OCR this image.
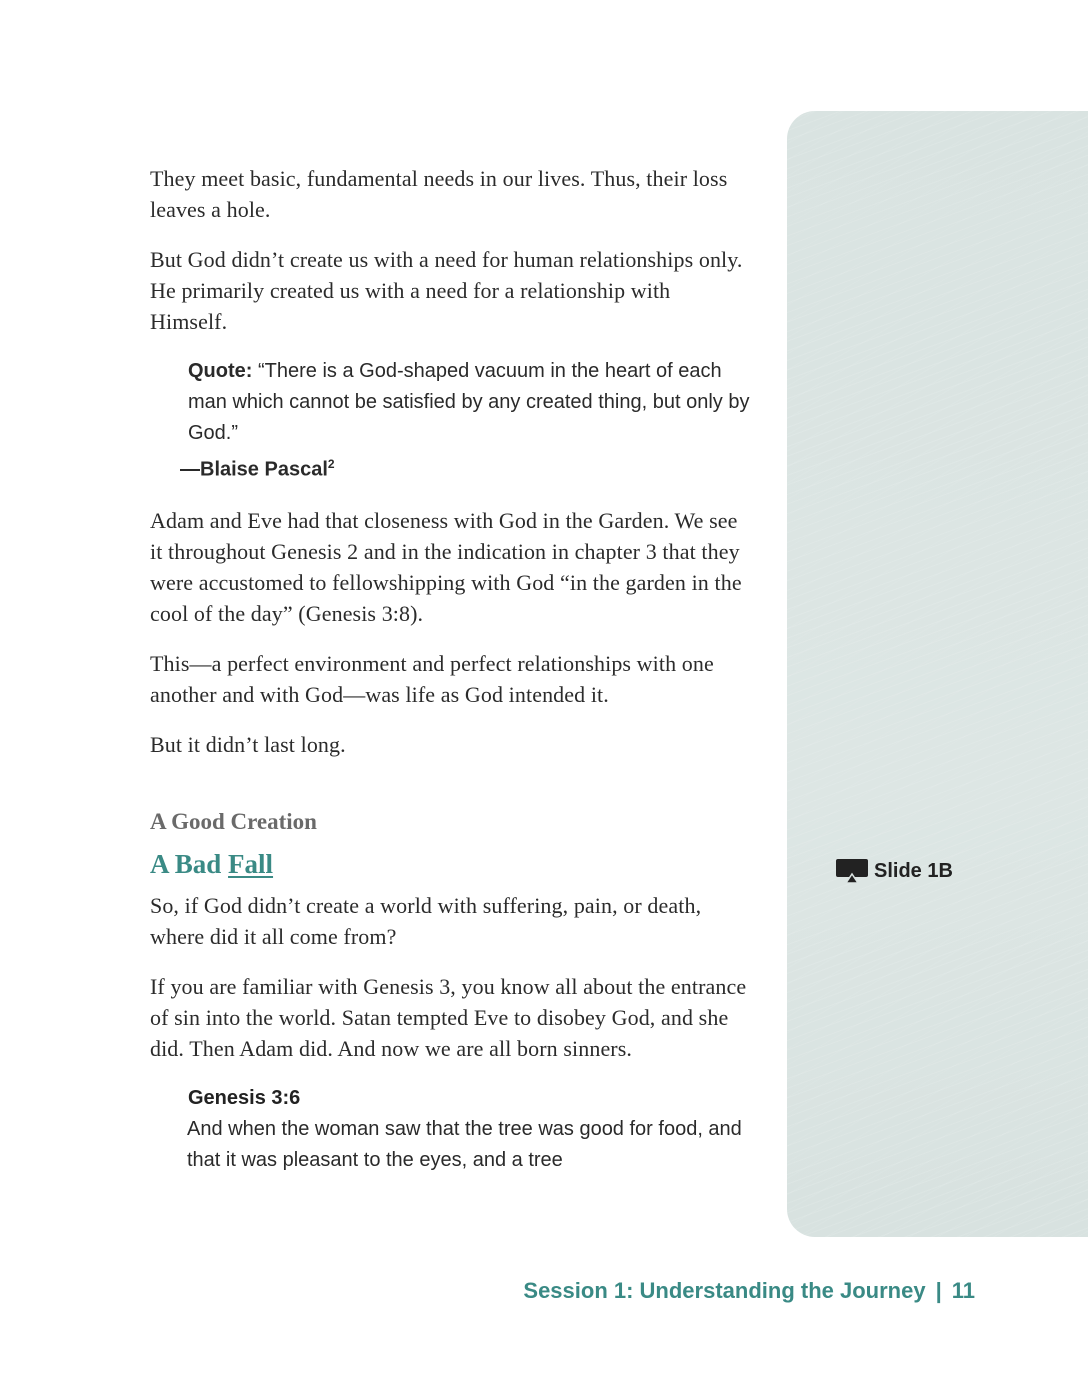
Slide 1B

They meet basic, fundamental needs in our lives. Thus, their loss leaves a hole.

But God didn’t create us with a need for human relationships only. He primarily created us with a need for a relationship with Himself.

Quote: “There is a God-shaped vacuum in the heart of each man which cannot be satisfied by any created thing, but only by God.”
—Blaise Pascal$^2$

Adam and Eve had that closeness with God in the Garden. We see it throughout Genesis 2 and in the indication in chapter 3 that they were accustomed to fellowshipping with God “in the garden in the cool of the day” (Genesis 3:8).

This—a perfect environment and perfect relationships with one another and with God—was life as God intended it.

But it didn’t last long.

A Good Creation
A Bad Fall

So, if God didn’t create a world with suffering, pain, or death, where did it all come from?

If you are familiar with Genesis 3, you know all about the entrance of sin into the world. Satan tempted Eve to disobey God, and she did. Then Adam did. And now we are all born sinners.

Genesis 3:6

And when the woman saw that the tree was good for food, and that it was pleasant to the eyes, and a tree

Session 1: Understanding the Journey | 11
